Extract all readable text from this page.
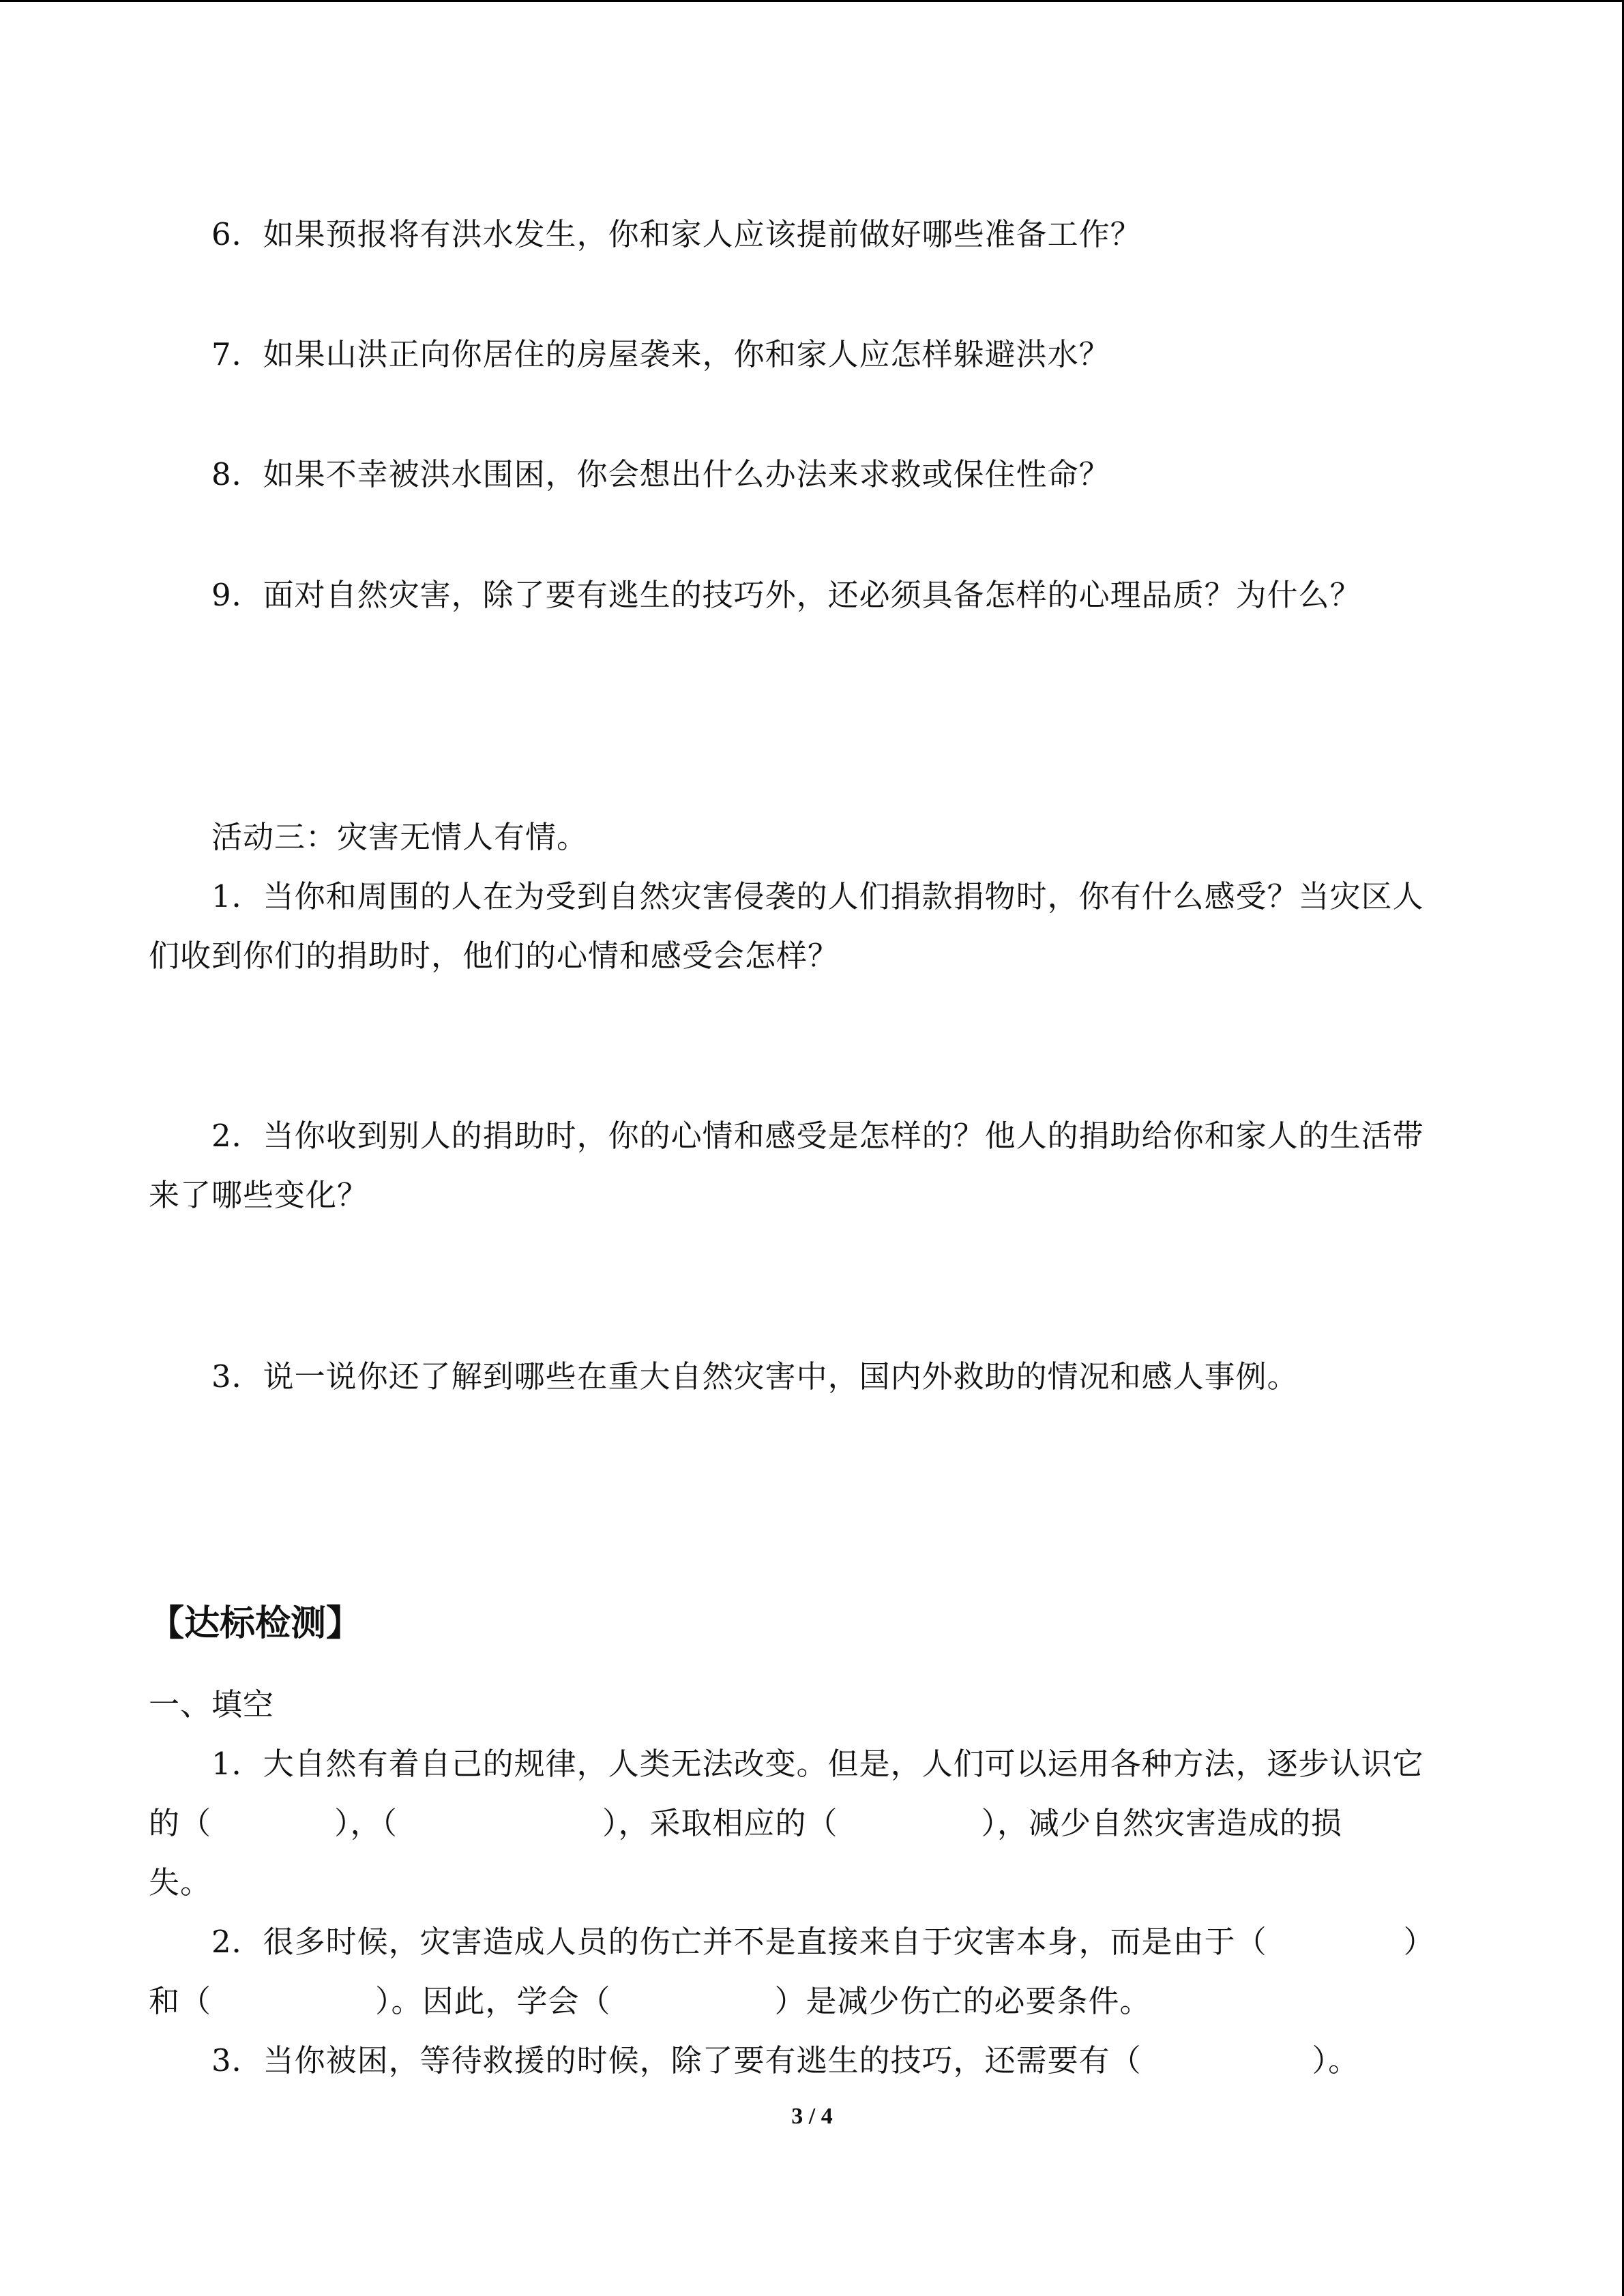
6．如果预报将有洪水发生，你和家人应该提前做好哪些准备工作？
7．如果山洪正向你居住的房屋袭来，你和家人应怎样躲避洪水？
8．如果不幸被洪水围困，你会想出什么办法来求救或保住性命？
9．面对自然灾害，除了要有逃生的技巧外，还必须具备怎样的心理品质？为什么？
活动三：灾害无情人有情。
1．当你和周围的人在为受到自然灾害侵袭的人们捐款捐物时，你有什么感受？当灾区人
们收到你们的捐助时，他们的心情和感受会怎样？
2．当你收到别人的捐助时，你的心情和感受是怎样的？他人的捐助给你和家人的生活带
来了哪些变化？
3．说一说你还了解到哪些在重大自然灾害中，国内外救助的情况和感人事例。
【达标检测】
一、填空
1．大自然有着自己的规律，人类无法改变。但是，人们可以运用各种方法，逐步认识它
的（	），（	），采取相应的（	），减少自然灾害造成的损
失。
2．很多时候，灾害造成人员的伤亡并不是直接来自于灾害本身，而是由于（	）
和（	）。因此，学会（	）是减少伤亡的必要条件。
3．当你被困，等待救援的时候，除了要有逃生的技巧，还需要有（	）。
3 / 4
